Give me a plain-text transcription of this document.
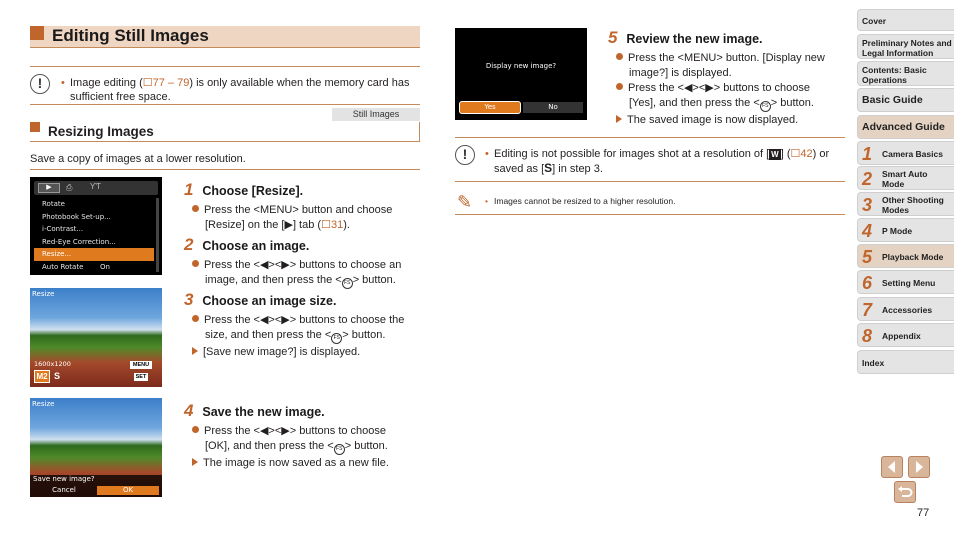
Editing Still Images
!	Image editing (☐77 – 79) is only available when the memory card has sufficient free space.
Still Images
Resizing Images
Save a copy of images at a lower resolution.
▶	⎙ ƳƬ
Rotate
Photobook Set-up...
i-Contrast...
Red-Eye Correction...
Resize...
Auto Rotate On
Resize
1600x1200
M2 S
MENU
SET
Resize
Save new image?
Cancel	OK
1 Choose [Resize].
Press the <MENU> button and choose
[Resize] on the [▶] tab (☐31).
2 Choose an image.
Press the <◀><▶> buttons to choose an
image, and then press the < FS > button.
3 Choose an image size.
Press the <◀><▶> buttons to choose the
size, and then press the < FS > button.
[Save new image?] is displayed.
4 Save the new image.
Press the <◀><▶> buttons to choose
[OK], and then press the < FS > button.
The image is now saved as a new file.
Display new image?
Yes	No
5 Review the new image.
Press the <MENU> button. [Display new
image?] is displayed.
Press the <◀><▶> buttons to choose
[Yes], and then press the < FS > button.
The saved image is now displayed.
!	Editing is not possible for images shot at a resolution of [ W ] (☐42) or saved as [S] in step 3.
✎	Images cannot be resized to a higher resolution.
Cover
Preliminary Notes and Legal Information
Contents: Basic Operations
Basic Guide
Advanced Guide
1 Camera Basics
2 Smart Auto Mode
3 Other Shooting Modes
4 P Mode
5 Playback Mode
6 Setting Menu
7 Accessories
8 Appendix
Index
77
